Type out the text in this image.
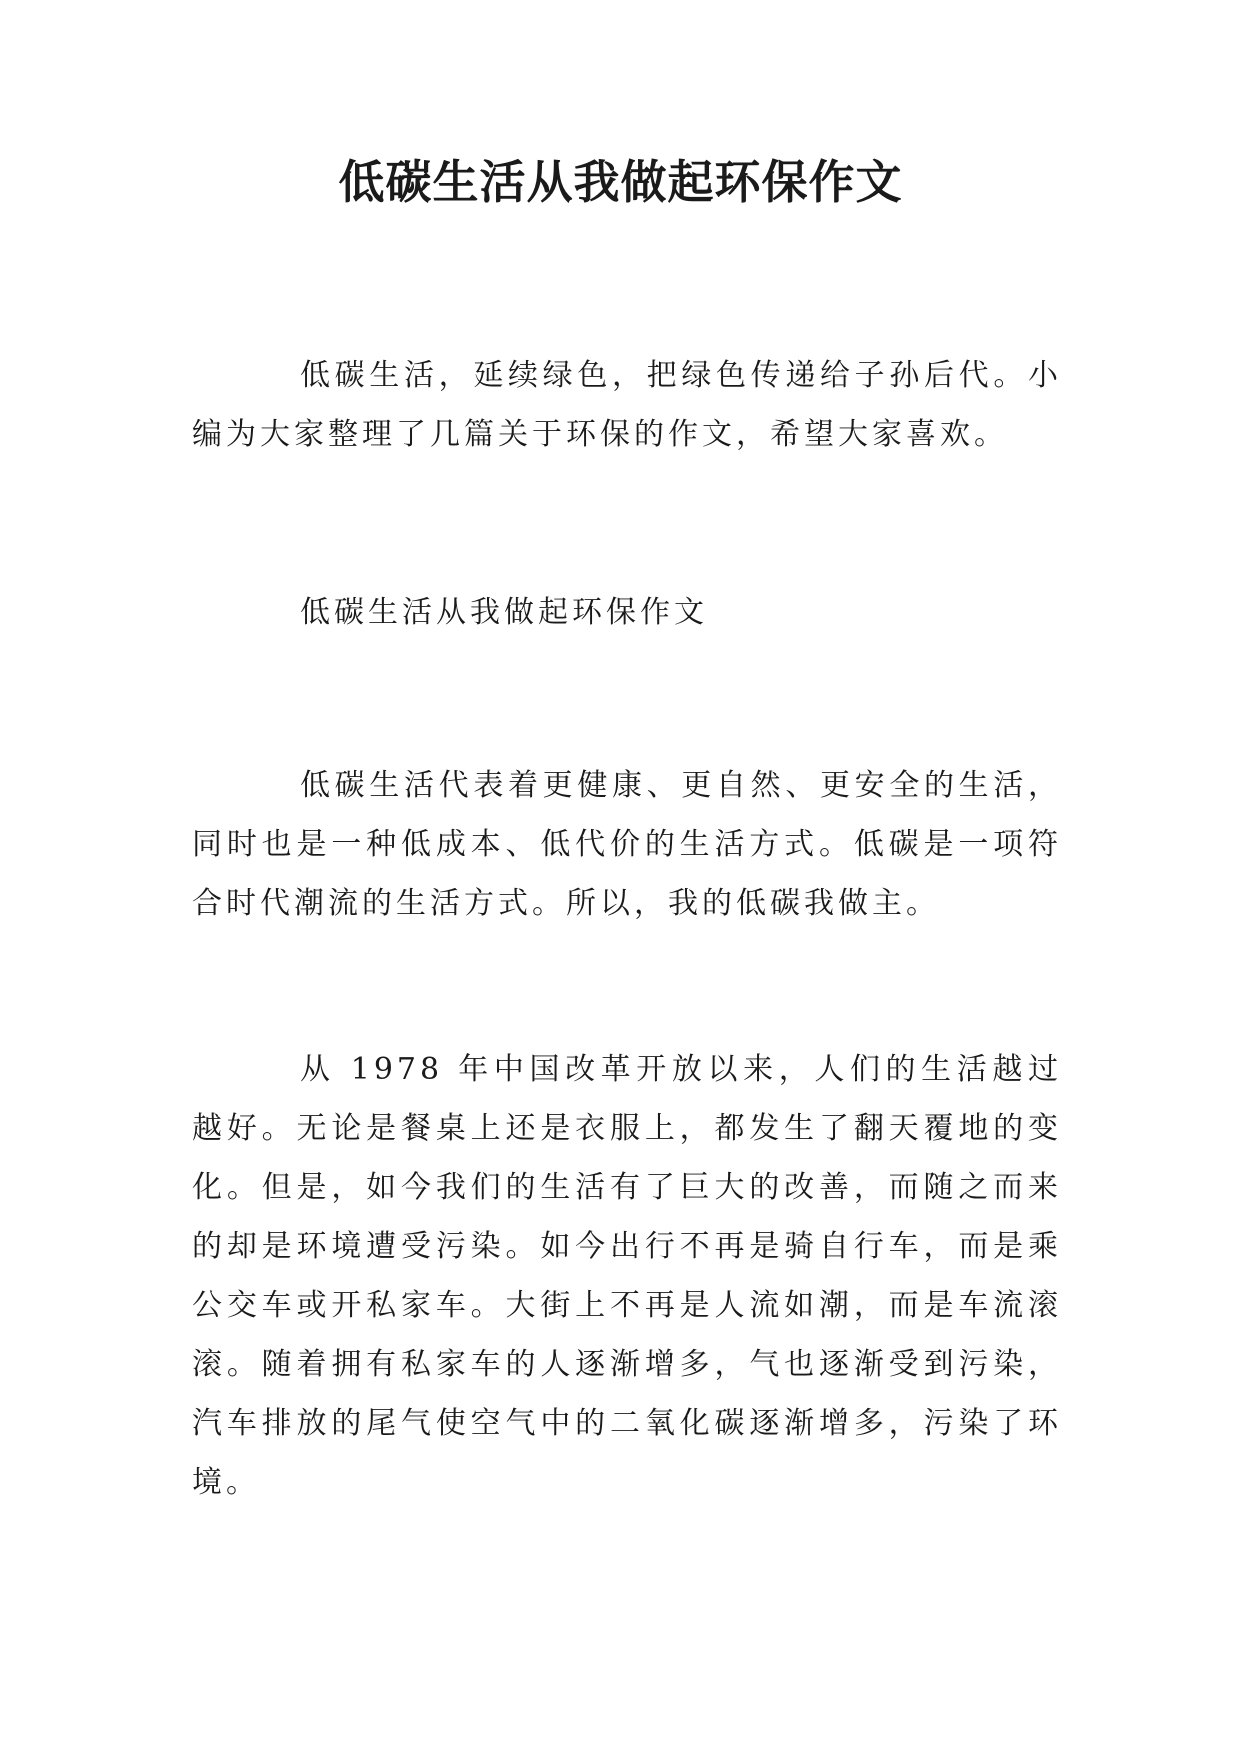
低碳生活从我做起环保作文

低碳生活，延续绿色，把绿色传递给子孙后代。小编为大家整理了几篇关于环保的作文，希望大家喜欢。

低碳生活从我做起环保作文

低碳生活代表着更健康、更自然、更安全的生活，同时也是一种低成本、低代价的生活方式。低碳是一项符合时代潮流的生活方式。所以，我的低碳我做主。

从 1978 年中国改革开放以来，人们的生活越过越好。无论是餐桌上还是衣服上，都发生了翻天覆地的变化。但是，如今我们的生活有了巨大的改善，而随之而来的却是环境遭受污染。如今出行不再是骑自行车，而是乘公交车或开私家车。大街上不再是人流如潮，而是车流滚滚。随着拥有私家车的人逐渐增多，气也逐渐受到污染，汽车排放的尾气使空气中的二氧化碳逐渐增多，污染了环境。
